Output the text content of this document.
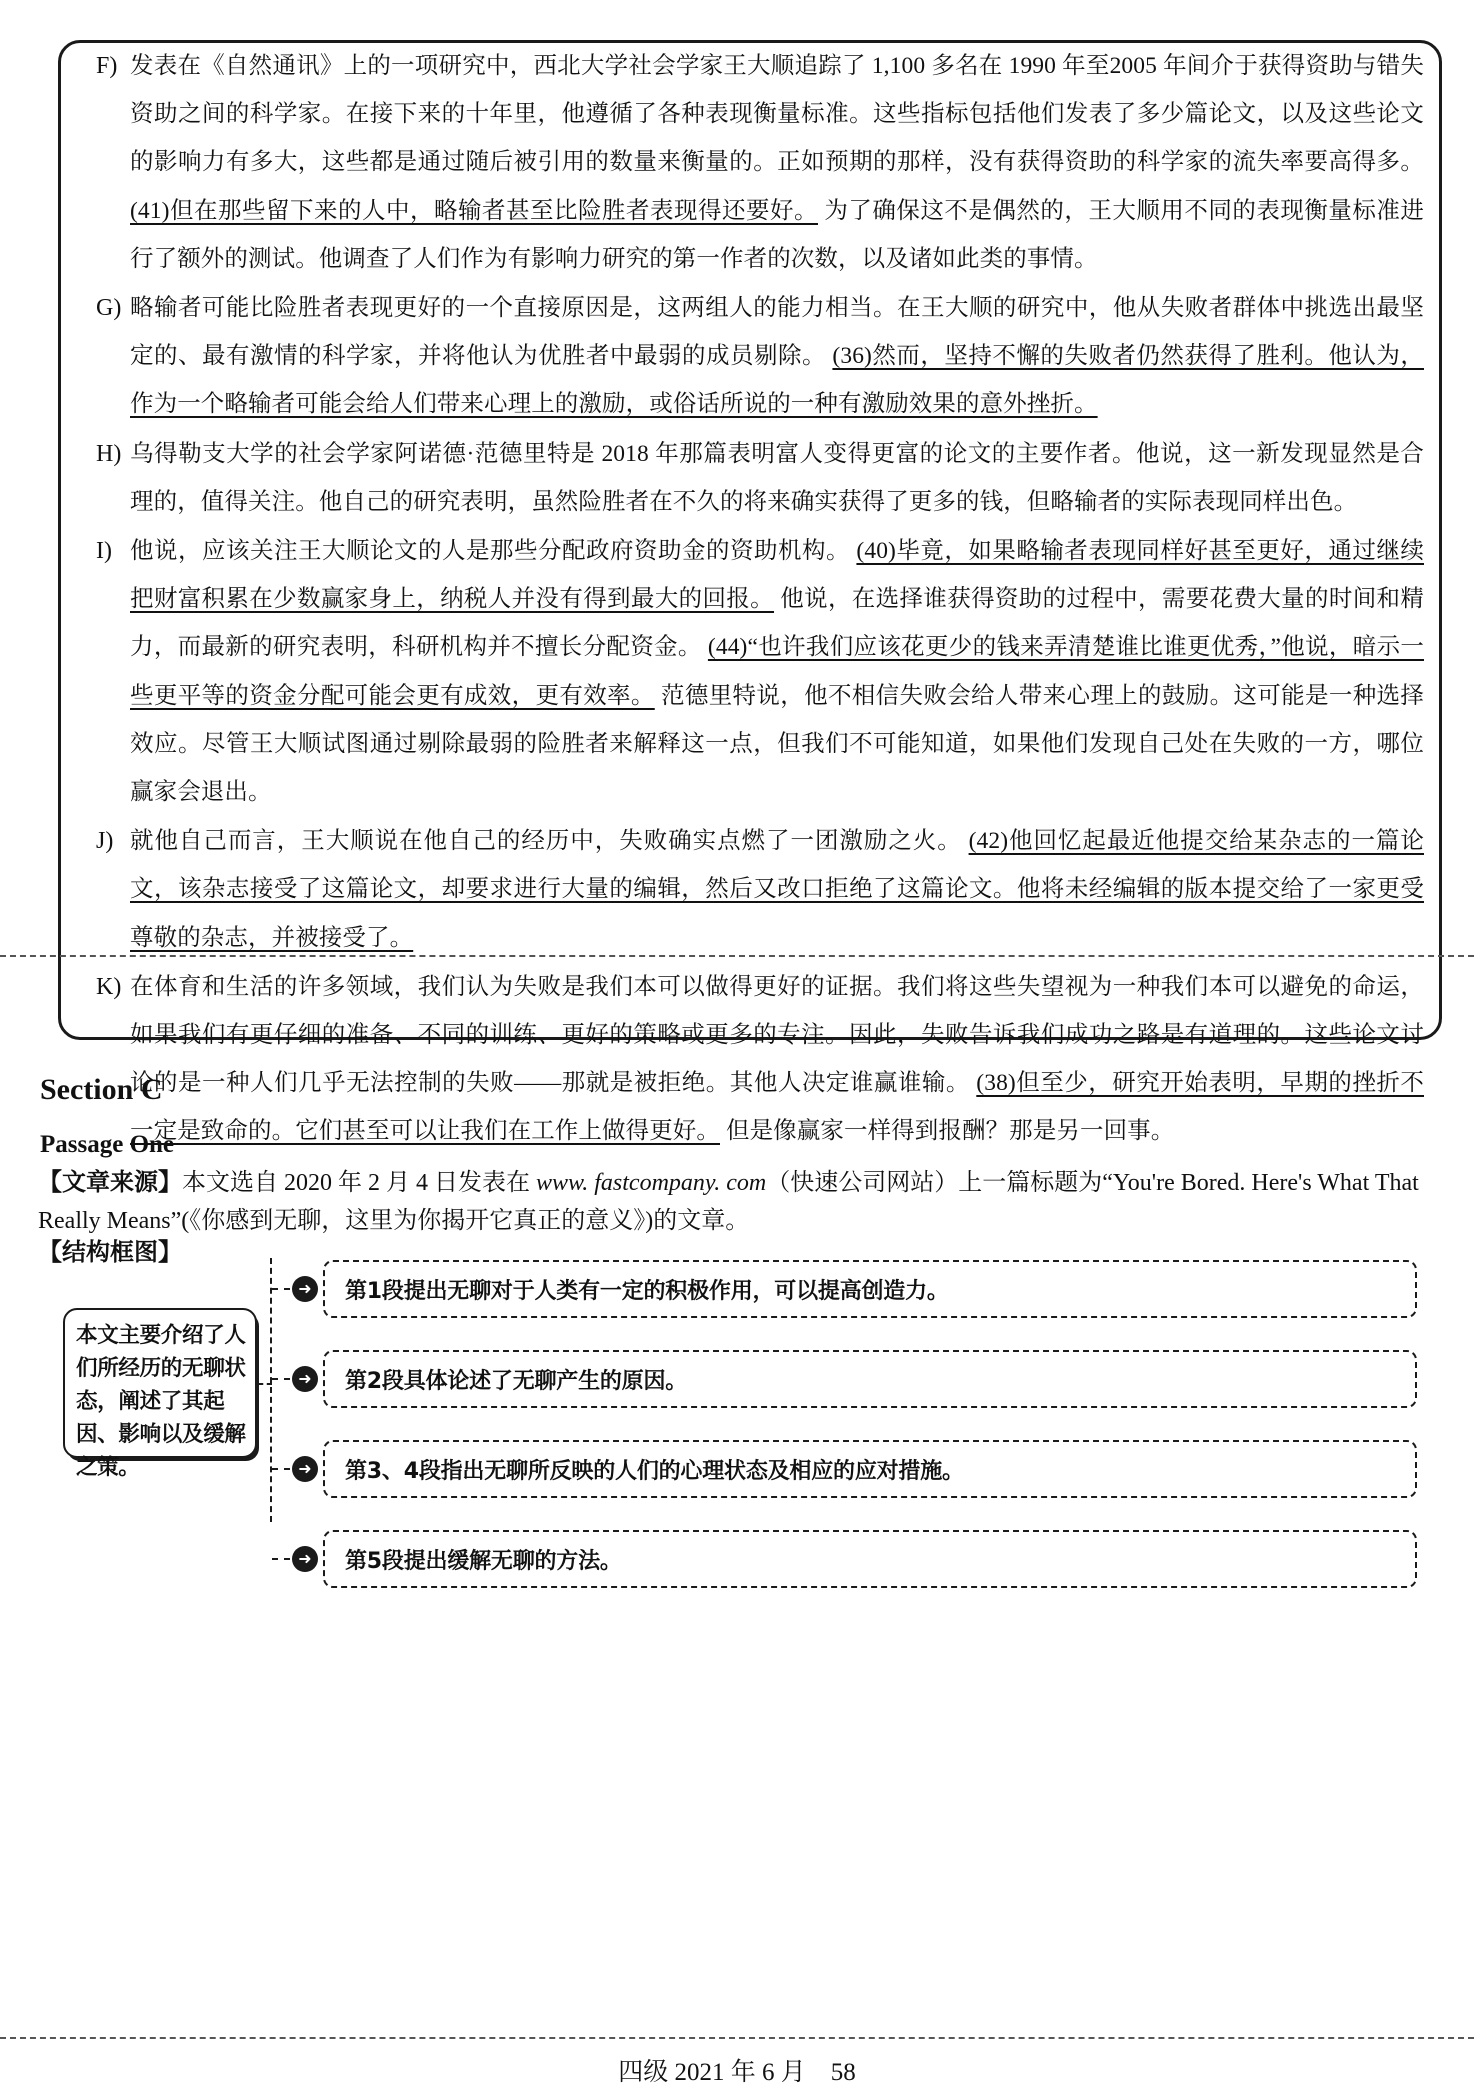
F) 发表在《自然通讯》上的一项研究中，西北大学社会学家王大顺追踪了 1,100 多名在 1990 年至2005 年间介于获得资助与错失资助之间的科学家。在接下来的十年里，他遵循了各种表现衡量标准。这些指标包括他们发表了多少篇论文，以及这些论文的影响力有多大，这些都是通过随后被引用的数量来衡量的。正如预期的那样，没有获得资助的科学家的流失率要高得多。 (41)但在那些留下来的人中，略输者甚至比险胜者表现得还要好。 为了确保这不是偶然的，王大顺用不同的表现衡量标准进行了额外的测试。他调查了人们作为有影响力研究的第一作者的次数，以及诸如此类的事情。
G) 略输者可能比险胜者表现更好的一个直接原因是，这两组人的能力相当。在王大顺的研究中，他从失败者群体中挑选出最坚定的、最有激情的科学家，并将他认为优胜者中最弱的成员剔除。 (36)然而，坚持不懈的失败者仍然获得了胜利。他认为，作为一个略输者可能会给人们带来心理上的激励，或俗话所说的一种有激励效果的意外挫折。
H) 乌得勒支大学的社会学家阿诺德·范德里特是 2018 年那篇表明富人变得更富的论文的主要作者。他说，这一新发现显然是合理的，值得关注。他自己的研究表明，虽然险胜者在不久的将来确实获得了更多的钱，但略输者的实际表现同样出色。
I) 他说，应该关注王大顺论文的人是那些分配政府资助金的资助机构。 (40)毕竟，如果略输者表现同样好甚至更好，通过继续把财富积累在少数赢家身上，纳税人并没有得到最大的回报。 他说，在选择谁获得资助的过程中，需要花费大量的时间和精力，而最新的研究表明，科研机构并不擅长分配资金。 (44)“也许我们应该花更少的钱来弄清楚谁比谁更优秀，”他说，暗示一些更平等的资金分配可能会更有成效，更有效率。 范德里特说，他不相信失败会给人带来心理上的鼓励。这可能是一种选择效应。尽管王大顺试图通过剔除最弱的险胜者来解释这一点，但我们不可能知道，如果他们发现自己处在失败的一方，哪位赢家会退出。
J) 就他自己而言，王大顺说在他自己的经历中，失败确实点燃了一团激励之火。 (42)他回忆起最近他提交给某杂志的一篇论文，该杂志接受了这篇论文，却要求进行大量的编辑，然后又改口拒绝了这篇论文。他将未经编辑的版本提交给了一家更受尊敬的杂志，并被接受了。
K) 在体育和生活的许多领域，我们认为失败是我们本可以做得更好的证据。我们将这些失望视为一种我们本可以避免的命运，如果我们有更仔细的准备、不同的训练、更好的策略或更多的专注。因此，失败告诉我们成功之路是有道理的。这些论文讨论的是一种人们几乎无法控制的失败——那就是被拒绝。其他人决定谁赢谁输。 (38)但至少，研究开始表明，早期的挫折不一定是致命的。它们甚至可以让我们在工作上做得更好。 但是像赢家一样得到报酬？那是另一回事。
Section C
Passage One
【文章来源】本文选自 2020 年 2 月 4 日发表在 www. fastcompany. com（快速公司网站）上一篇标题为“You're Bored. Here's What That Really Means”(《你感到无聊，这里为你揭开它真正的意义》)的文章。
【结构框图】
本文主要介绍了人们所经历的无聊状态，阐述了其起因、影响以及缓解之策。
➜
➜
➜
➜
第1段提出无聊对于人类有一定的积极作用，可以提高创造力。
第2段具体论述了无聊产生的原因。
第3、4段指出无聊所反映的人们的心理状态及相应的应对措施。
第5段提出缓解无聊的方法。
四级 2021 年 6 月　58
